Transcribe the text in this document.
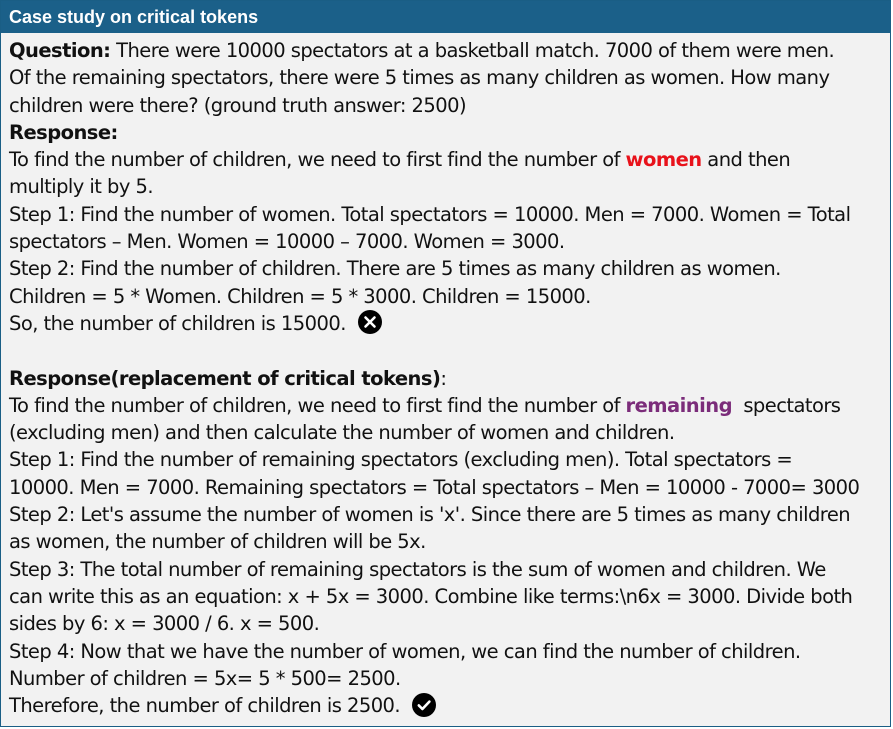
Case study on critical tokens
Question: There were 10000 spectators at a basketball match. 7000 of them were men.
Of the remaining spectators, there were 5 times as many children as women. How many
children were there? (ground truth answer: 2500)
Response:
To find the number of children, we need to first find the number of women and then
multiply it by 5.
Step 1: Find the number of women. Total spectators = 10000. Men = 7000. Women = Total
spectators – Men. Women = 10000 – 7000. Women = 3000.
Step 2: Find the number of children. There are 5 times as many children as women.
Children = 5 * Women. Children = 5 * 3000. Children = 15000.
So, the number of children is 15000.
Response(replacement of critical tokens):
To find the number of children, we need to first find the number of remaining  spectators
(excluding men) and then calculate the number of women and children.
Step 1: Find the number of remaining spectators (excluding men). Total spectators =
10000. Men = 7000. Remaining spectators = Total spectators – Men = 10000 - 7000= 3000
Step 2: Let's assume the number of women is 'x'. Since there are 5 times as many children
as women, the number of children will be 5x.
Step 3: The total number of remaining spectators is the sum of women and children. We
can write this as an equation: x + 5x = 3000. Combine like terms:\n6x = 3000. Divide both
sides by 6: x = 3000 / 6. x = 500.
Step 4: Now that we have the number of women, we can find the number of children.
Number of children = 5x= 5 * 500= 2500.
Therefore, the number of children is 2500.
